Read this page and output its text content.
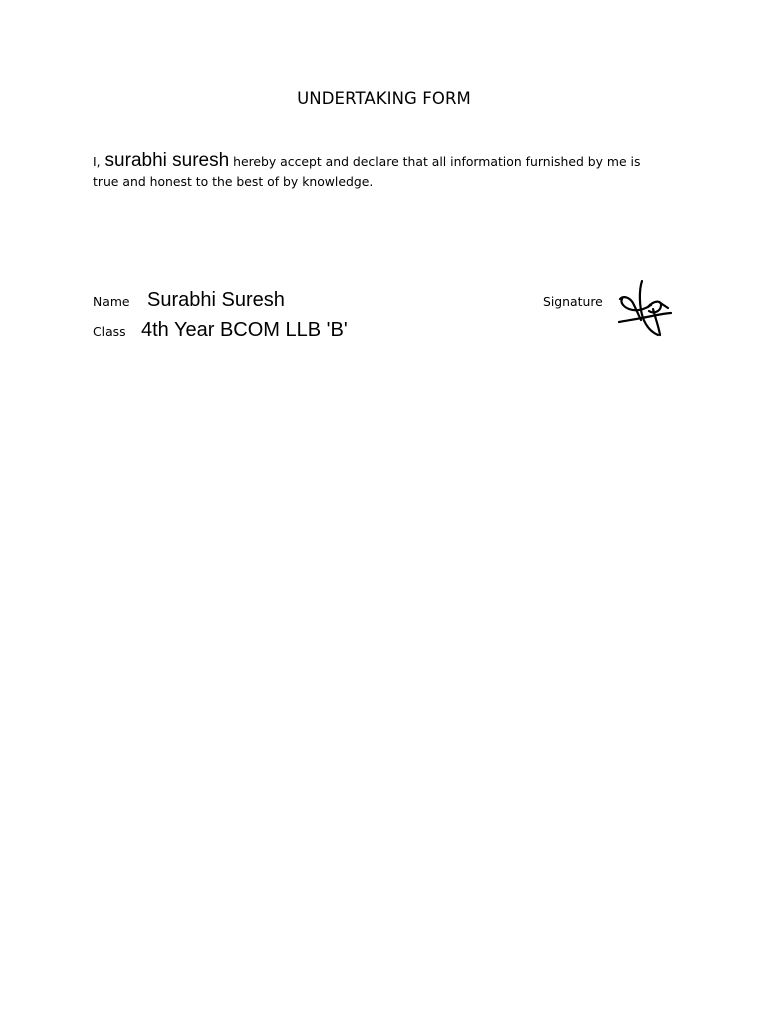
UNDERTAKING FORM
I, surabhi suresh hereby accept and declare that all information furnished by me is
true and honest to the best of by knowledge.
Name Surabhi Suresh
Class 4th Year BCOM LLB 'B'
Signature
